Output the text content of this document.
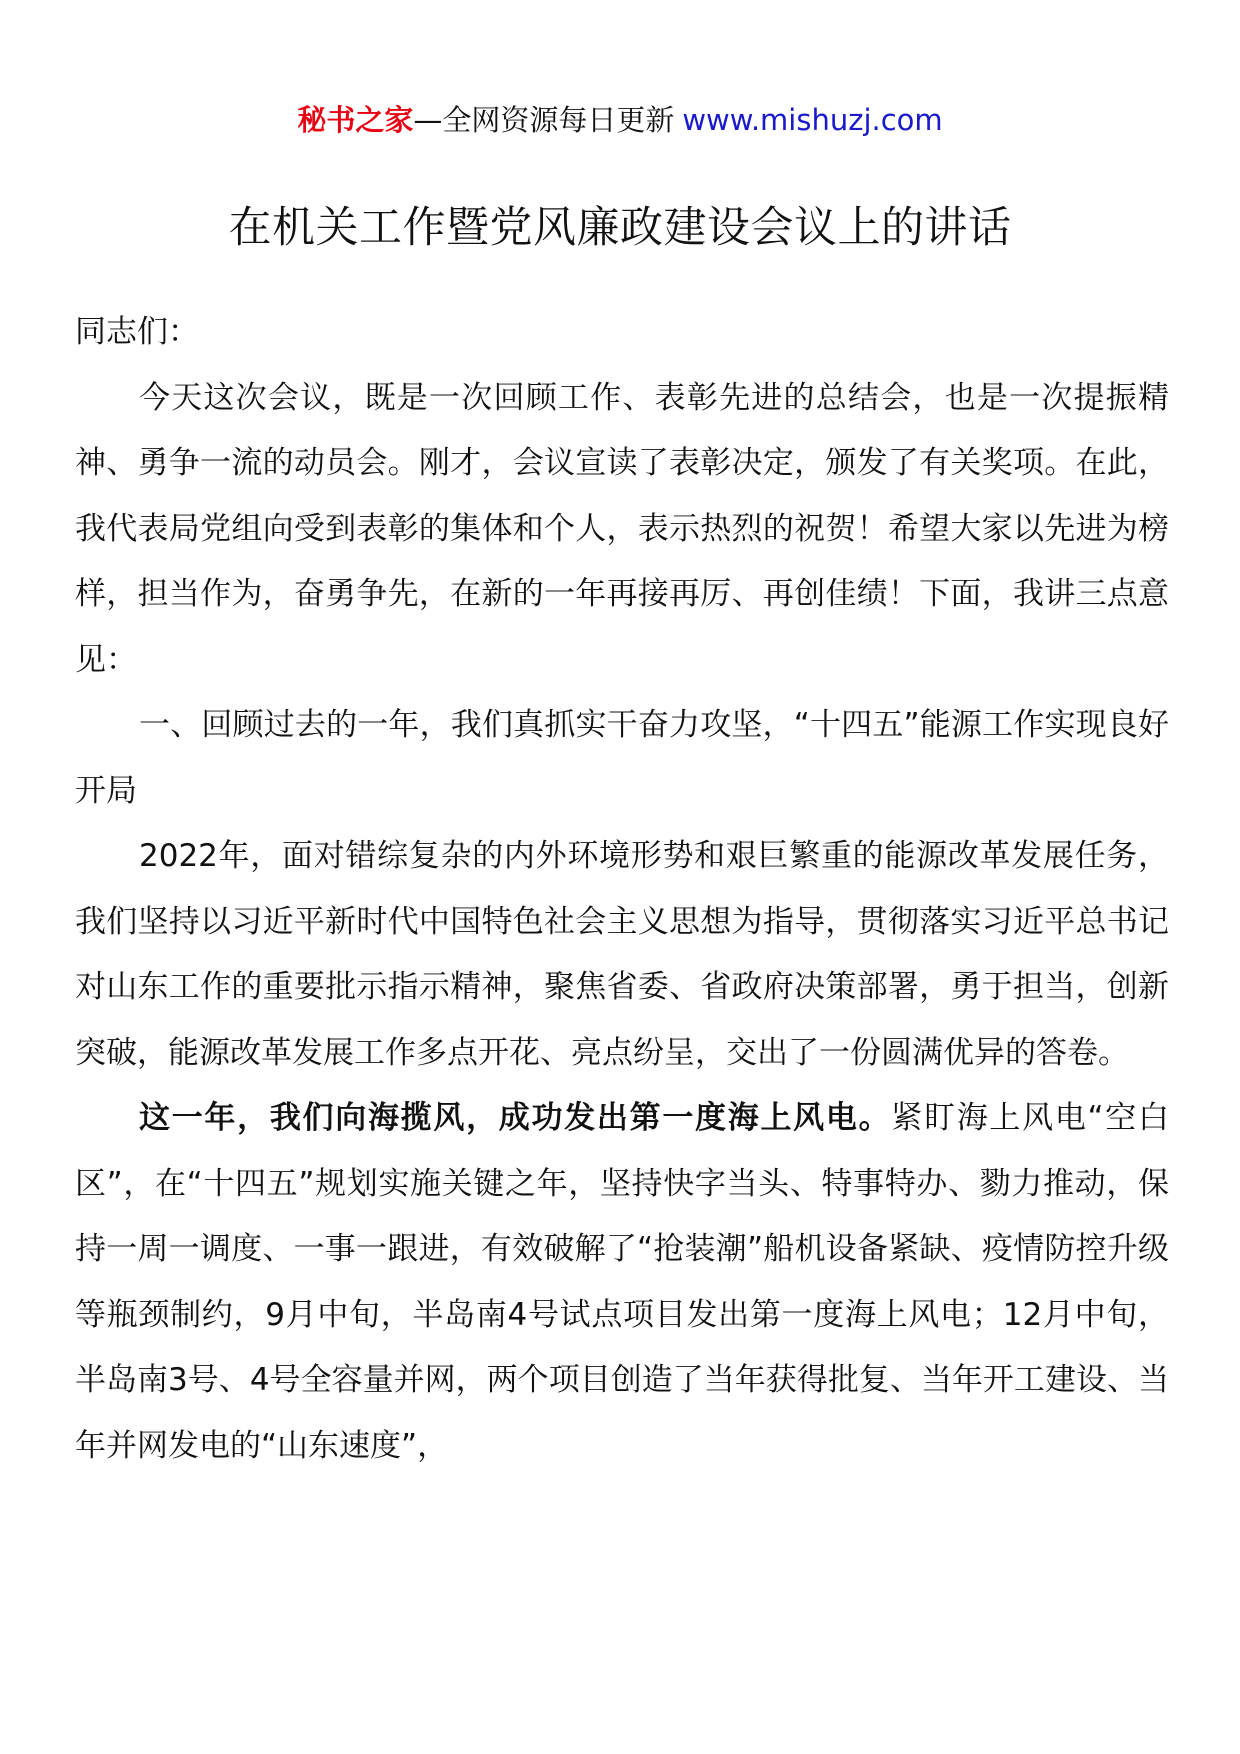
秘书之家—全网资源每日更新 www.mishuzj.com
在机关工作暨党风廉政建设会议上的讲话

同志们：

今天这次会议，既是一次回顾工作、表彰先进的总结会，也是一次提振精神、勇争一流的动员会。刚才，会议宣读了表彰决定，颁发了有关奖项。在此，我代表局党组向受到表彰的集体和个人，表示热烈的祝贺！希望大家以先进为榜样，担当作为，奋勇争先，在新的一年再接再厉、再创佳绩！下面，我讲三点意见：

一、回顾过去的一年，我们真抓实干奋力攻坚，“十四五”能源工作实现良好开局

2022年，面对错综复杂的内外环境形势和艰巨繁重的能源改革发展任务，我们坚持以习近平新时代中国特色社会主义思想为指导，贯彻落实习近平总书记对山东工作的重要批示指示精神，聚焦省委、省政府决策部署，勇于担当，创新突破，能源改革发展工作多点开花、亮点纷呈，交出了一份圆满优异的答卷。

这一年，我们向海揽风，成功发出第一度海上风电。紧盯海上风电“空白区”，在“十四五”规划实施关键之年，坚持快字当头、特事特办、勠力推动，保持一周一调度、一事一跟进，有效破解了“抢装潮”船机设备紧缺、疫情防控升级等瓶颈制约，9月中旬，半岛南4号试点项目发出第一度海上风电；12月中旬，半岛南3号、4号全容量并网，两个项目创造了当年获得批复、当年开工建设、当年并网发电的“山东速度”，
